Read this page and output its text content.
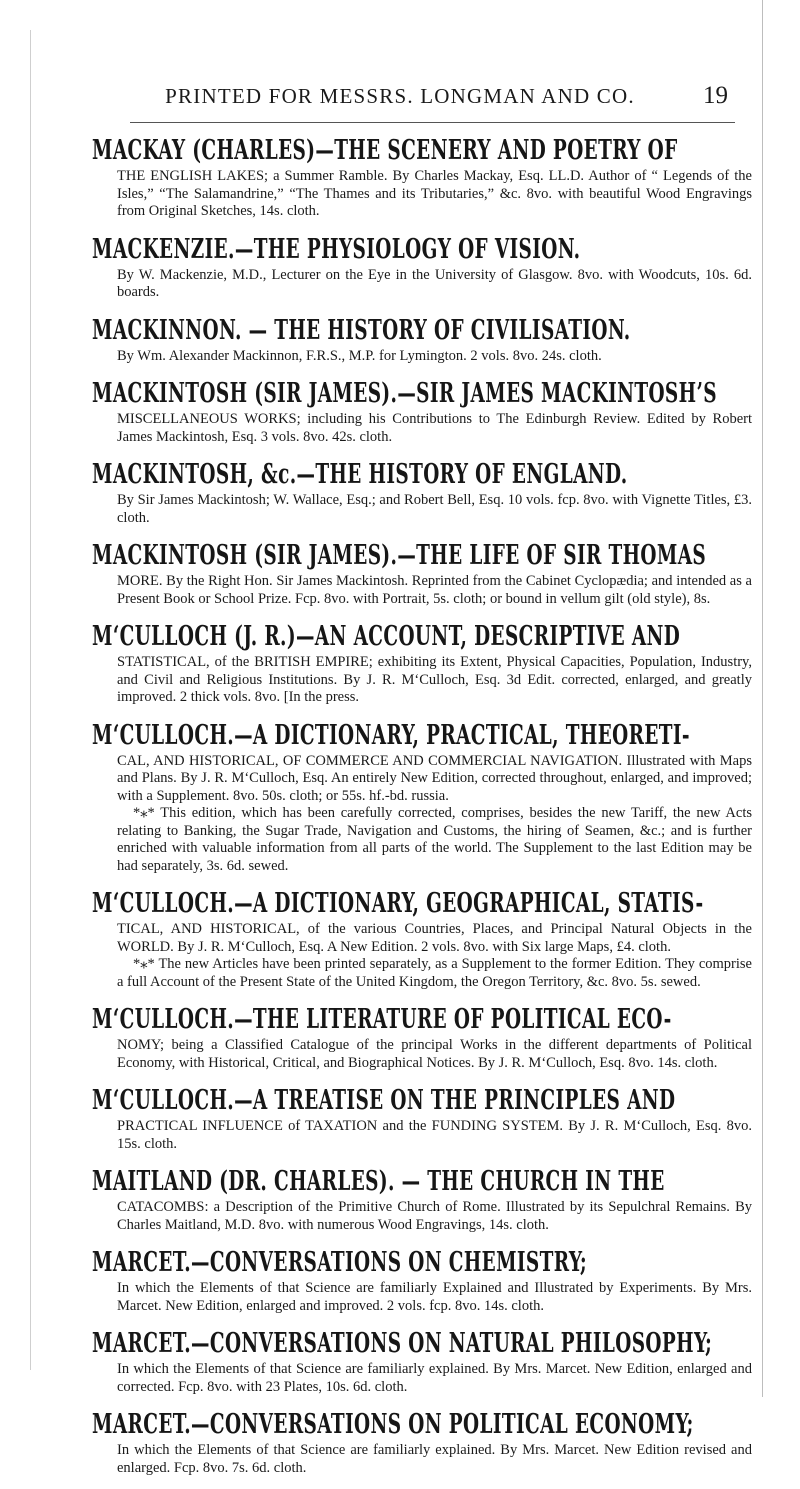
PRINTED FOR MESSRS. LONGMAN AND CO.	19
MACKAY (CHARLES)—THE SCENERY AND POETRY OF

THE ENGLISH LAKES; a Summer Ramble. By Charles Mackay, Esq. LL.D. Author of “ Legends of the Isles,” “The Salamandrine,” “The Thames and its Tributaries,” &c. 8vo. with beautiful Wood Engravings from Original Sketches, 14s. cloth.

MACKENZIE.—THE PHYSIOLOGY OF VISION.

By W. Mackenzie, M.D., Lecturer on the Eye in the University of Glasgow. 8vo. with Woodcuts, 10s. 6d. boards.

MACKINNON. — THE HISTORY OF CIVILISATION.

By Wm. Alexander Mackinnon, F.R.S., M.P. for Lymington. 2 vols. 8vo. 24s. cloth.

MACKINTOSH (SIR JAMES).—SIR JAMES MACKINTOSH’S

MISCELLANEOUS WORKS; including his Contributions to The Edinburgh Review. Edited by Robert James Mackintosh, Esq. 3 vols. 8vo. 42s. cloth.

MACKINTOSH, &c.—THE HISTORY OF ENGLAND.

By Sir James Mackintosh; W. Wallace, Esq.; and Robert Bell, Esq. 10 vols. fcp. 8vo. with Vignette Titles, £3. cloth.

MACKINTOSH (SIR JAMES).—THE LIFE OF SIR THOMAS

MORE. By the Right Hon. Sir James Mackintosh. Reprinted from the Cabinet Cyclopædia; and intended as a Present Book or School Prize. Fcp. 8vo. with Portrait, 5s. cloth; or bound in vellum gilt (old style), 8s.

M‘CULLOCH (J. R.)—AN ACCOUNT, DESCRIPTIVE AND

STATISTICAL, of the BRITISH EMPIRE; exhibiting its Extent, Physical Capacities, Population, Industry, and Civil and Religious Institutions. By J. R. M‘Culloch, Esq. 3d Edit. corrected, enlarged, and greatly improved. 2 thick vols. 8vo. [In the press.

M‘CULLOCH.—A DICTIONARY, PRACTICAL, THEORETI-

CAL, AND HISTORICAL, OF COMMERCE AND COMMERCIAL NAVIGATION. Illustrated with Maps and Plans. By J. R. M‘Culloch, Esq. An entirely New Edition, corrected throughout, enlarged, and improved; with a Supplement. 8vo. 50s. cloth; or 55s. hf.-bd. russia.

*⁎* This edition, which has been carefully corrected, comprises, besides the new Tariff, the new Acts relating to Banking, the Sugar Trade, Navigation and Customs, the hiring of Seamen, &c.; and is further enriched with valuable information from all parts of the world. The Supplement to the last Edition may be had separately, 3s. 6d. sewed.

M‘CULLOCH.—A DICTIONARY, GEOGRAPHICAL, STATIS-

TICAL, AND HISTORICAL, of the various Countries, Places, and Principal Natural Objects in the WORLD. By J. R. M‘Culloch, Esq. A New Edition. 2 vols. 8vo. with Six large Maps, £4. cloth.

*⁎* The new Articles have been printed separately, as a Supplement to the former Edition. They comprise a full Account of the Present State of the United Kingdom, the Oregon Territory, &c. 8vo. 5s. sewed.

M‘CULLOCH.—THE LITERATURE OF POLITICAL ECO-

NOMY; being a Classified Catalogue of the principal Works in the different departments of Political Economy, with Historical, Critical, and Biographical Notices. By J. R. M‘Culloch, Esq. 8vo. 14s. cloth.

M‘CULLOCH.—A TREATISE ON THE PRINCIPLES AND

PRACTICAL INFLUENCE of TAXATION and the FUNDING SYSTEM. By J. R. M‘Culloch, Esq. 8vo. 15s. cloth.

MAITLAND (DR. CHARLES). — THE CHURCH IN THE

CATACOMBS: a Description of the Primitive Church of Rome. Illustrated by its Sepulchral Remains. By Charles Maitland, M.D. 8vo. with numerous Wood Engravings, 14s. cloth.

MARCET.—CONVERSATIONS ON CHEMISTRY;

In which the Elements of that Science are familiarly Explained and Illustrated by Experiments. By Mrs. Marcet. New Edition, enlarged and improved. 2 vols. fcp. 8vo. 14s. cloth.

MARCET.—CONVERSATIONS ON NATURAL PHILOSOPHY;

In which the Elements of that Science are familiarly explained. By Mrs. Marcet. New Edition, enlarged and corrected. Fcp. 8vo. with 23 Plates, 10s. 6d. cloth.

MARCET.—CONVERSATIONS ON POLITICAL ECONOMY;

In which the Elements of that Science are familiarly explained. By Mrs. Marcet. New Edition revised and enlarged. Fcp. 8vo. 7s. 6d. cloth.
